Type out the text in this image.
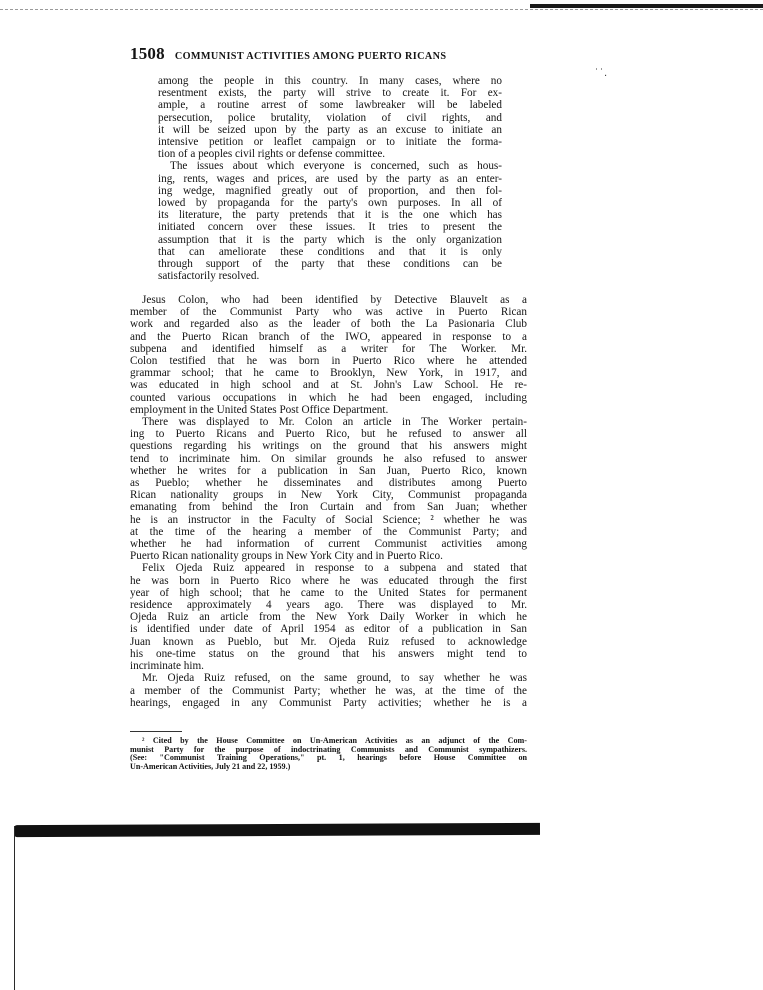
˙˙.
1508 COMMUNIST ACTIVITIES AMONG PUERTO RICANS
among the people in this country. In many cases, where no
resentment exists, the party will strive to create it. For ex-
ample, a routine arrest of some lawbreaker will be labeled
persecution, police brutality, violation of civil rights, and
it will be seized upon by the party as an excuse to initiate an
intensive petition or leaflet campaign or to initiate the forma-
tion of a peoples civil rights or defense committee.
The issues about which everyone is concerned, such as hous-
ing, rents, wages and prices, are used by the party as an enter-
ing wedge, magnified greatly out of proportion, and then fol-
lowed by propaganda for the party's own purposes. In all of
its literature, the party pretends that it is the one which has
initiated concern over these issues. It tries to present the
assumption that it is the party which is the only organization
that can ameliorate these conditions and that it is only
through support of the party that these conditions can be
satisfactorily resolved.
Jesus Colon, who had been identified by Detective Blauvelt as a
member of the Communist Party who was active in Puerto Rican
work and regarded also as the leader of both the La Pasionaria Club
and the Puerto Rican branch of the IWO, appeared in response to a
subpena and identified himself as a writer for The Worker. Mr.
Colon testified that he was born in Puerto Rico where he attended
grammar school; that he came to Brooklyn, New York, in 1917, and
was educated in high school and at St. John's Law School. He re-
counted various occupations in which he had been engaged, including
employment in the United States Post Office Department.
There was displayed to Mr. Colon an article in The Worker pertain-
ing to Puerto Ricans and Puerto Rico, but he refused to answer all
questions regarding his writings on the ground that his answers might
tend to incriminate him. On similar grounds he also refused to answer
whether he writes for a publication in San Juan, Puerto Rico, known
as Pueblo; whether he disseminates and distributes among Puerto
Rican nationality groups in New York City, Communist propaganda
emanating from behind the Iron Curtain and from San Juan; whether
he is an instructor in the Faculty of Social Science; ² whether he was
at the time of the hearing a member of the Communist Party; and
whether he had information of current Communist activities among
Puerto Rican nationality groups in New York City and in Puerto Rico.
Felix Ojeda Ruiz appeared in response to a subpena and stated that
he was born in Puerto Rico where he was educated through the first
year of high school; that he came to the United States for permanent
residence approximately 4 years ago. There was displayed to Mr.
Ojeda Ruiz an article from the New York Daily Worker in which he
is identified under date of April 1954 as editor of a publication in San
Juan known as Pueblo, but Mr. Ojeda Ruiz refused to acknowledge
his one-time status on the ground that his answers might tend to
incriminate him.
Mr. Ojeda Ruiz refused, on the same ground, to say whether he was
a member of the Communist Party; whether he was, at the time of the
hearings, engaged in any Communist Party activities; whether he is a
² Cited by the House Committee on Un-American Activities as an adjunct of the Com-
munist Party for the purpose of indoctrinating Communists and Communist sympathizers.
(See: "Communist Training Operations," pt. 1, hearings before House Committee on
Un-American Activities, July 21 and 22, 1959.)
